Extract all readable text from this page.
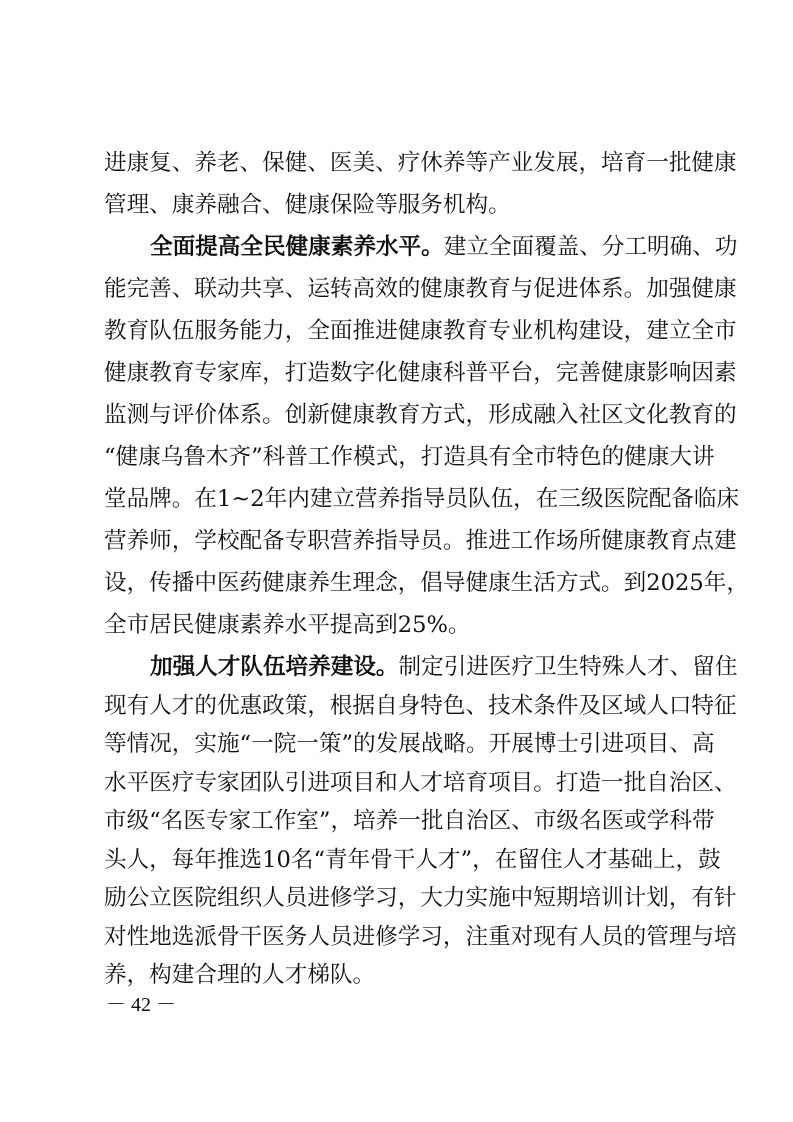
进康复、养老、保健、医美、疗休养等产业发展，培育一批健康
管理、康养融合、健康保险等服务机构。
全面提高全民健康素养水平。建立全面覆盖、分工明确、功
能完善、联动共享、运转高效的健康教育与促进体系。加强健康
教育队伍服务能力，全面推进健康教育专业机构建设，建立全市
健康教育专家库，打造数字化健康科普平台，完善健康影响因素
监测与评价体系。创新健康教育方式，形成融入社区文化教育的
“健康乌鲁木齐”科普工作模式，打造具有全市特色的健康大讲
堂品牌。在1~2年内建立营养指导员队伍，在三级医院配备临床
营养师，学校配备专职营养指导员。推进工作场所健康教育点建
设，传播中医药健康养生理念，倡导健康生活方式。到2025年，
全市居民健康素养水平提高到25%。
加强人才队伍培养建设。制定引进医疗卫生特殊人才、留住
现有人才的优惠政策，根据自身特色、技术条件及区域人口特征
等情况，实施“一院一策”的发展战略。开展博士引进项目、高
水平医疗专家团队引进项目和人才培育项目。打造一批自治区、
市级“名医专家工作室”，培养一批自治区、市级名医或学科带
头人，每年推选10名“青年骨干人才”，在留住人才基础上，鼓
励公立医院组织人员进修学习，大力实施中短期培训计划，有针
对性地选派骨干医务人员进修学习，注重对现有人员的管理与培
－ 42 －
养，构建合理的人才梯队。
